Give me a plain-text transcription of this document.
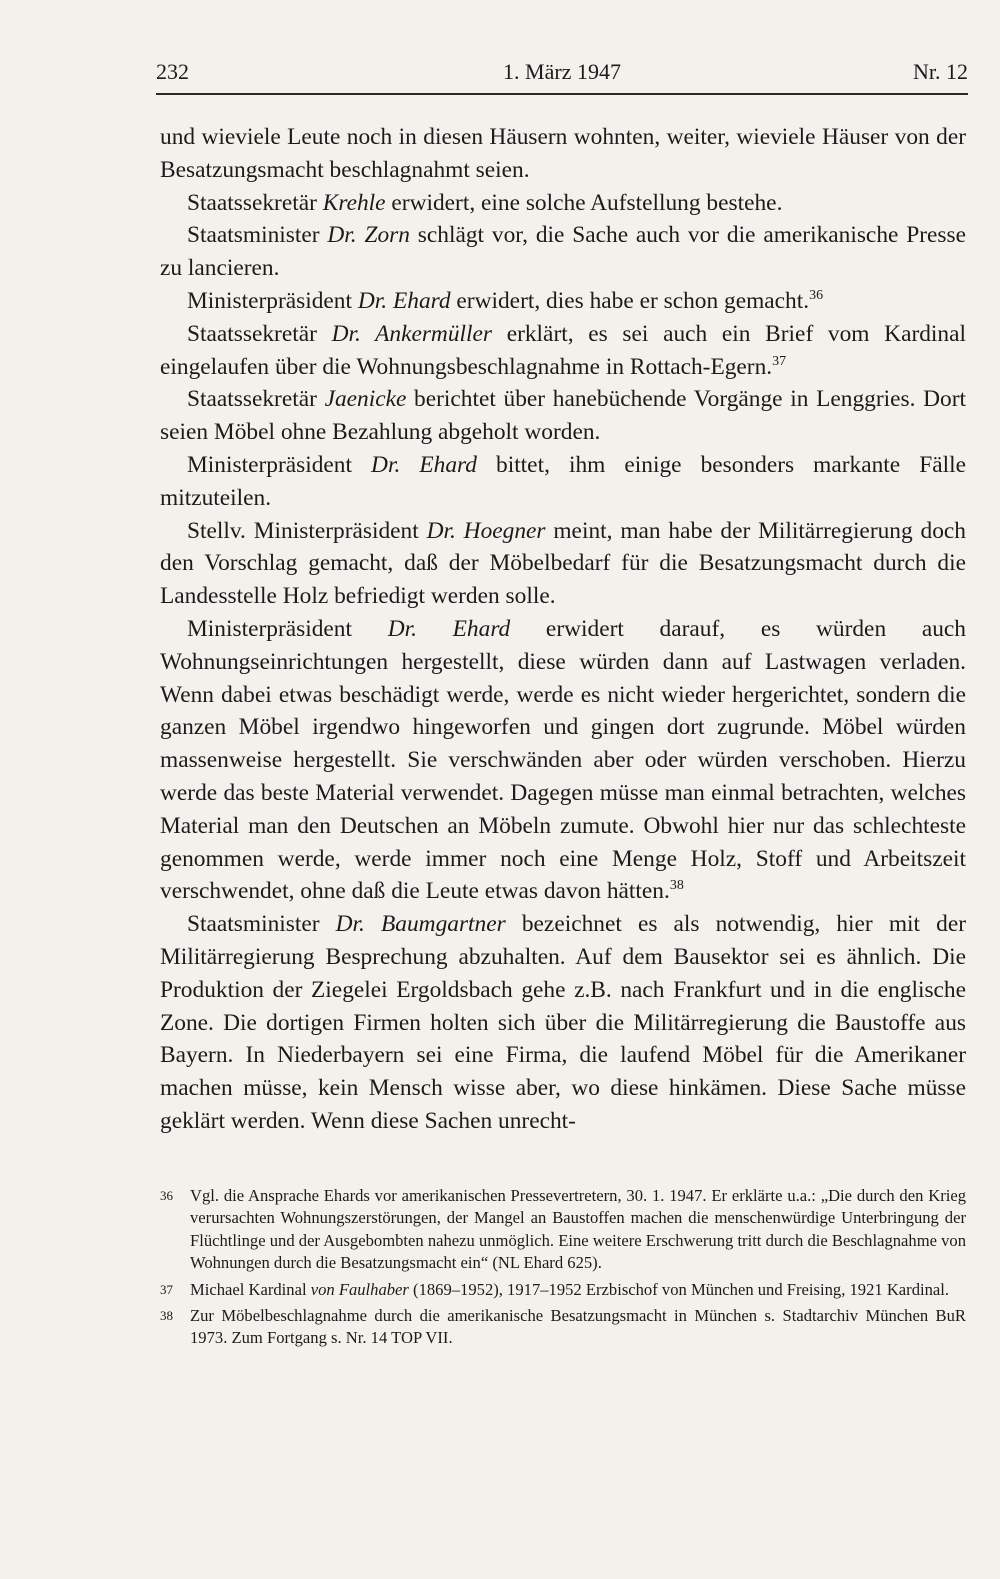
232	1. März 1947	Nr. 12

und wieviele Leute noch in diesen Häusern wohnten, weiter, wieviele Häuser von der Besatzungsmacht beschlagnahmt seien.

Staatssekretär Krehle erwidert, eine solche Aufstellung bestehe.

Staatsminister Dr. Zorn schlägt vor, die Sache auch vor die amerikanische Presse zu lancieren.

Ministerpräsident Dr. Ehard erwidert, dies habe er schon gemacht.$^{36}$

Staatssekretär Dr. Ankermüller erklärt, es sei auch ein Brief vom Kardinal eingelaufen über die Wohnungsbeschlagnahme in Rottach-Egern.$^{37}$

Staatssekretär Jaenicke berichtet über hanebüchende Vorgänge in Lenggries. Dort seien Möbel ohne Bezahlung abgeholt worden.

Ministerpräsident Dr. Ehard bittet, ihm einige besonders markante Fälle mitzuteilen.

Stellv. Ministerpräsident Dr. Hoegner meint, man habe der Militärregierung doch den Vorschlag gemacht, daß der Möbelbedarf für die Besatzungsmacht durch die Landesstelle Holz befriedigt werden solle.

Ministerpräsident Dr. Ehard erwidert darauf, es würden auch Wohnungseinrichtungen hergestellt, diese würden dann auf Lastwagen verladen. Wenn dabei etwas beschädigt werde, werde es nicht wieder hergerichtet, sondern die ganzen Möbel irgendwo hingeworfen und gingen dort zugrunde. Möbel würden massenweise hergestellt. Sie verschwänden aber oder würden verschoben. Hierzu werde das beste Material verwendet. Dagegen müsse man einmal betrachten, welches Material man den Deutschen an Möbeln zumute. Obwohl hier nur das schlechteste genommen werde, werde immer noch eine Menge Holz, Stoff und Arbeitszeit verschwendet, ohne daß die Leute etwas davon hätten.$^{38}$

Staatsminister Dr. Baumgartner bezeichnet es als notwendig, hier mit der Militärregierung Besprechung abzuhalten. Auf dem Bausektor sei es ähnlich. Die Produktion der Ziegelei Ergoldsbach gehe z.B. nach Frankfurt und in die englische Zone. Die dortigen Firmen holten sich über die Militärregierung die Baustoffe aus Bayern. In Niederbayern sei eine Firma, die laufend Möbel für die Amerikaner machen müsse, kein Mensch wisse aber, wo diese hinkämen. Diese Sache müsse geklärt werden. Wenn diese Sachen unrecht-

36 Vgl. die Ansprache Ehards vor amerikanischen Pressevertretern, 30. 1. 1947. Er erklärte u.a.: „Die durch den Krieg verursachten Wohnungszerstörungen, der Mangel an Baustoffen machen die menschenwürdige Unterbringung der Flüchtlinge und der Ausgebombten nahezu unmöglich. Eine weitere Erschwerung tritt durch die Beschlagnahme von Wohnungen durch die Besatzungsmacht ein“ (NL Ehard 625).
37 Michael Kardinal von Faulhaber (1869–1952), 1917–1952 Erzbischof von München und Freising, 1921 Kardinal.
38 Zur Möbelbeschlagnahme durch die amerikanische Besatzungsmacht in München s. Stadtarchiv München BuR 1973. Zum Fortgang s. Nr. 14 TOP VII.
